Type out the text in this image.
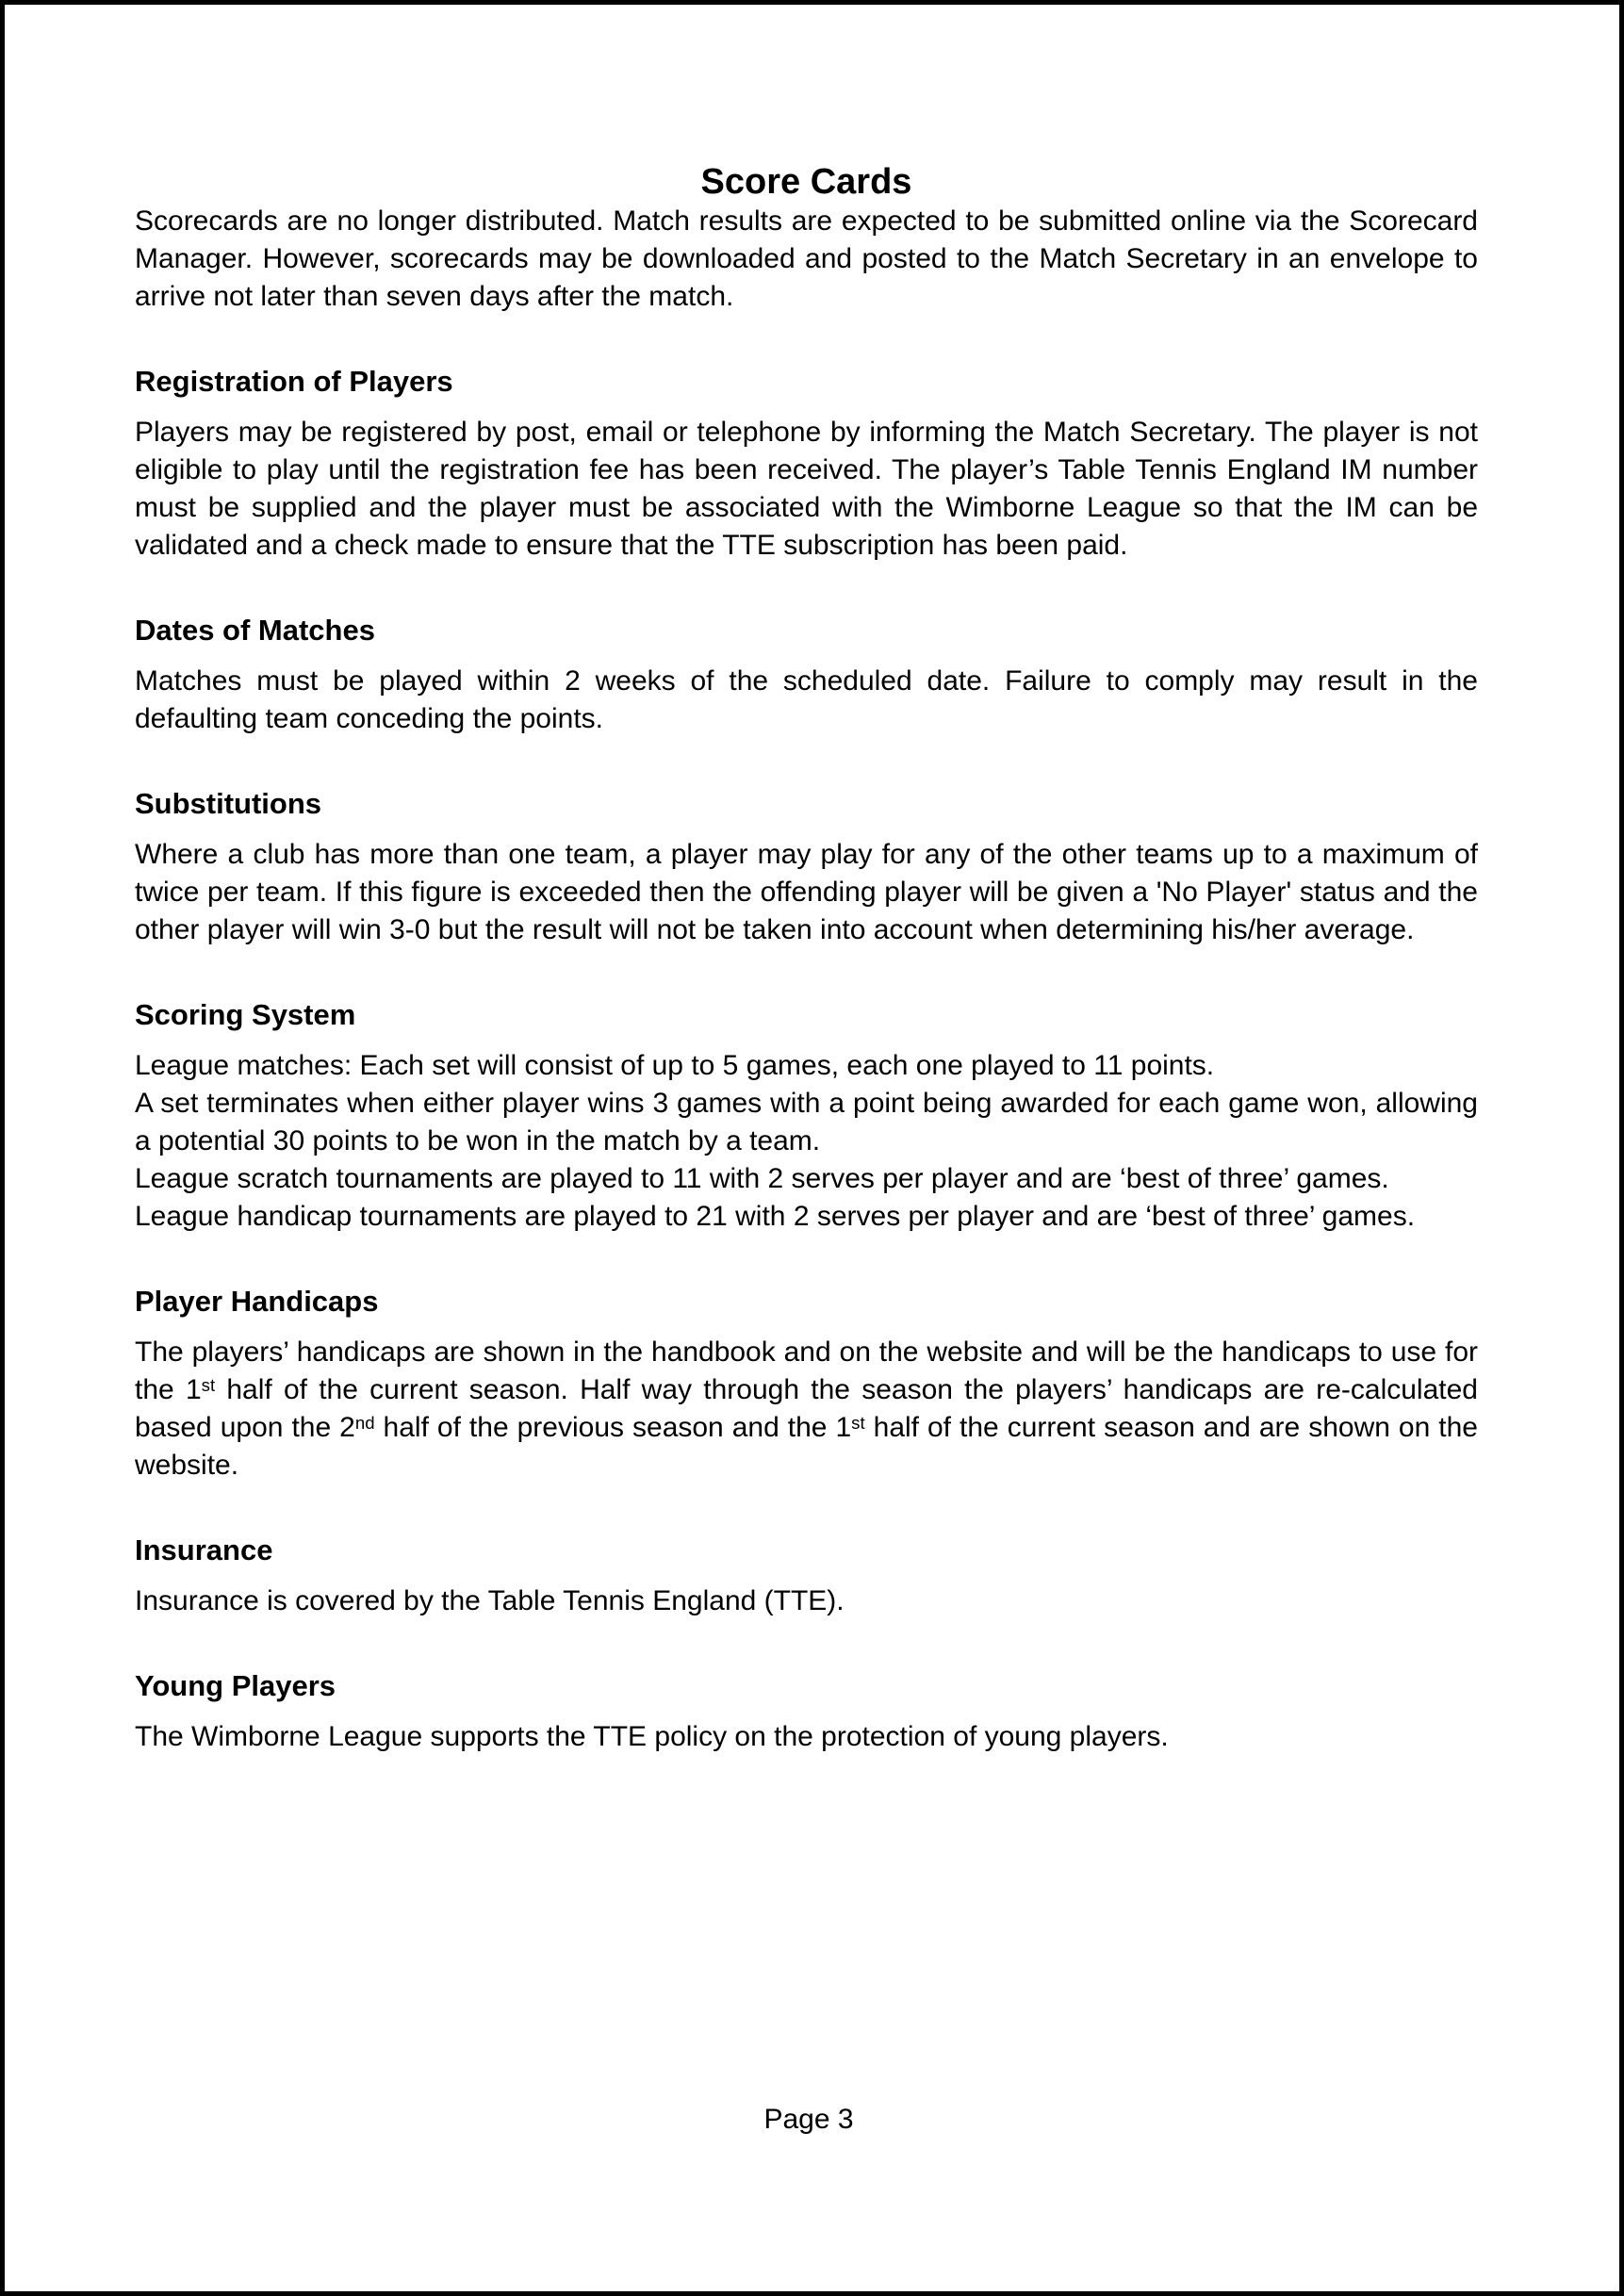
Score Cards

Scorecards are no longer distributed. Match results are expected to be submitted online via the Scorecard Manager. However, scorecards may be downloaded and posted to the Match Secretary in an envelope to arrive not later than seven days after the match.

Registration of Players

Players may be registered by post, email or telephone by informing the Match Secretary. The player is not eligible to play until the registration fee has been received. The player’s Table Tennis England IM number must be supplied and the player must be associated with the Wimborne League so that the IM can be validated and a check made to ensure that the TTE subscription has been paid.

Dates of Matches

Matches must be played within 2 weeks of the scheduled date. Failure to comply may result in the defaulting team conceding the points.

Substitutions

Where a club has more than one team, a player may play for any of the other teams up to a maximum of twice per team. If this figure is exceeded then the offending player will be given a 'No Player' status and the other player will win 3-0 but the result will not be taken into account when determining his/her average.

Scoring System

League matches: Each set will consist of up to 5 games, each one played to 11 points.

A set terminates when either player wins 3 games with a point being awarded for each game won, allowing a potential 30 points to be won in the match by a team.

League scratch tournaments are played to 11 with 2 serves per player and are ‘best of three’ games.

League handicap tournaments are played to 21 with 2 serves per player and are ‘best of three’ games.

Player Handicaps

The players’ handicaps are shown in the handbook and on the website and will be the handicaps to use for the 1st half of the current season. Half way through the season the players’ handicaps are re-calculated based upon the 2nd half of the previous season and the 1st half of the current season and are shown on the website.

Insurance

Insurance is covered by the Table Tennis England (TTE).

Young Players

The Wimborne League supports the TTE policy on the protection of young players.

Page 3
